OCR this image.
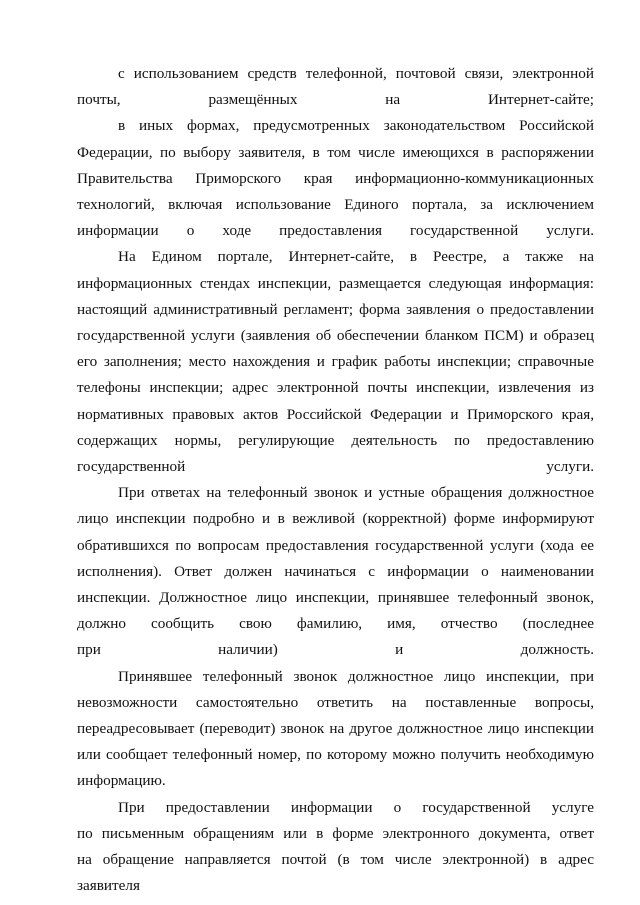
с использованием средств телефонной, почтовой связи, электронной
почты, размещённых на Интернет-сайте;

в иных формах, предусмотренных законодательством Российской
Федерации, по выбору заявителя, в том числе имеющихся в распоряжении
Правительства Приморского края информационно-коммуникационных
технологий, включая использование Единого портала, за исключением
информации о ходе предоставления государственной услуги.

На Едином портале, Интернет-сайте, в Реестре, а также на
информационных стендах инспекции, размещается следующая информация:
настоящий административный регламент; форма заявления о предоставлении
государственной услуги (заявления об обеспечении бланком ПСМ) и образец
его заполнения; место нахождения и график работы инспекции; справочные
телефоны инспекции; адрес электронной почты инспекции, извлечения из
нормативных правовых актов Российской Федерации и Приморского края,
содержащих нормы, регулирующие деятельность по предоставлению
государственной услуги.

При ответах на телефонный звонок и устные обращения должностное
лицо инспекции подробно и в вежливой (корректной) форме информируют
обратившихся по вопросам предоставления государственной услуги (хода ее
исполнения). Ответ должен начинаться с информации о наименовании
инспекции. Должностное лицо инспекции, принявшее телефонный звонок,
должно сообщить свою фамилию, имя, отчество (последнее
при наличии) и должность.

Принявшее телефонный звонок должностное лицо инспекции, при
невозможности самостоятельно ответить на поставленные вопросы,
переадресовывает (переводит) звонок на другое должностное лицо инспекции
или сообщает телефонный номер, по которому можно получить необходимую
информацию.

При предоставлении информации о государственной услуге
по письменным обращениям или в форме электронного документа, ответ
на обращение направляется почтой (в том числе электронной) в адрес заявителя
